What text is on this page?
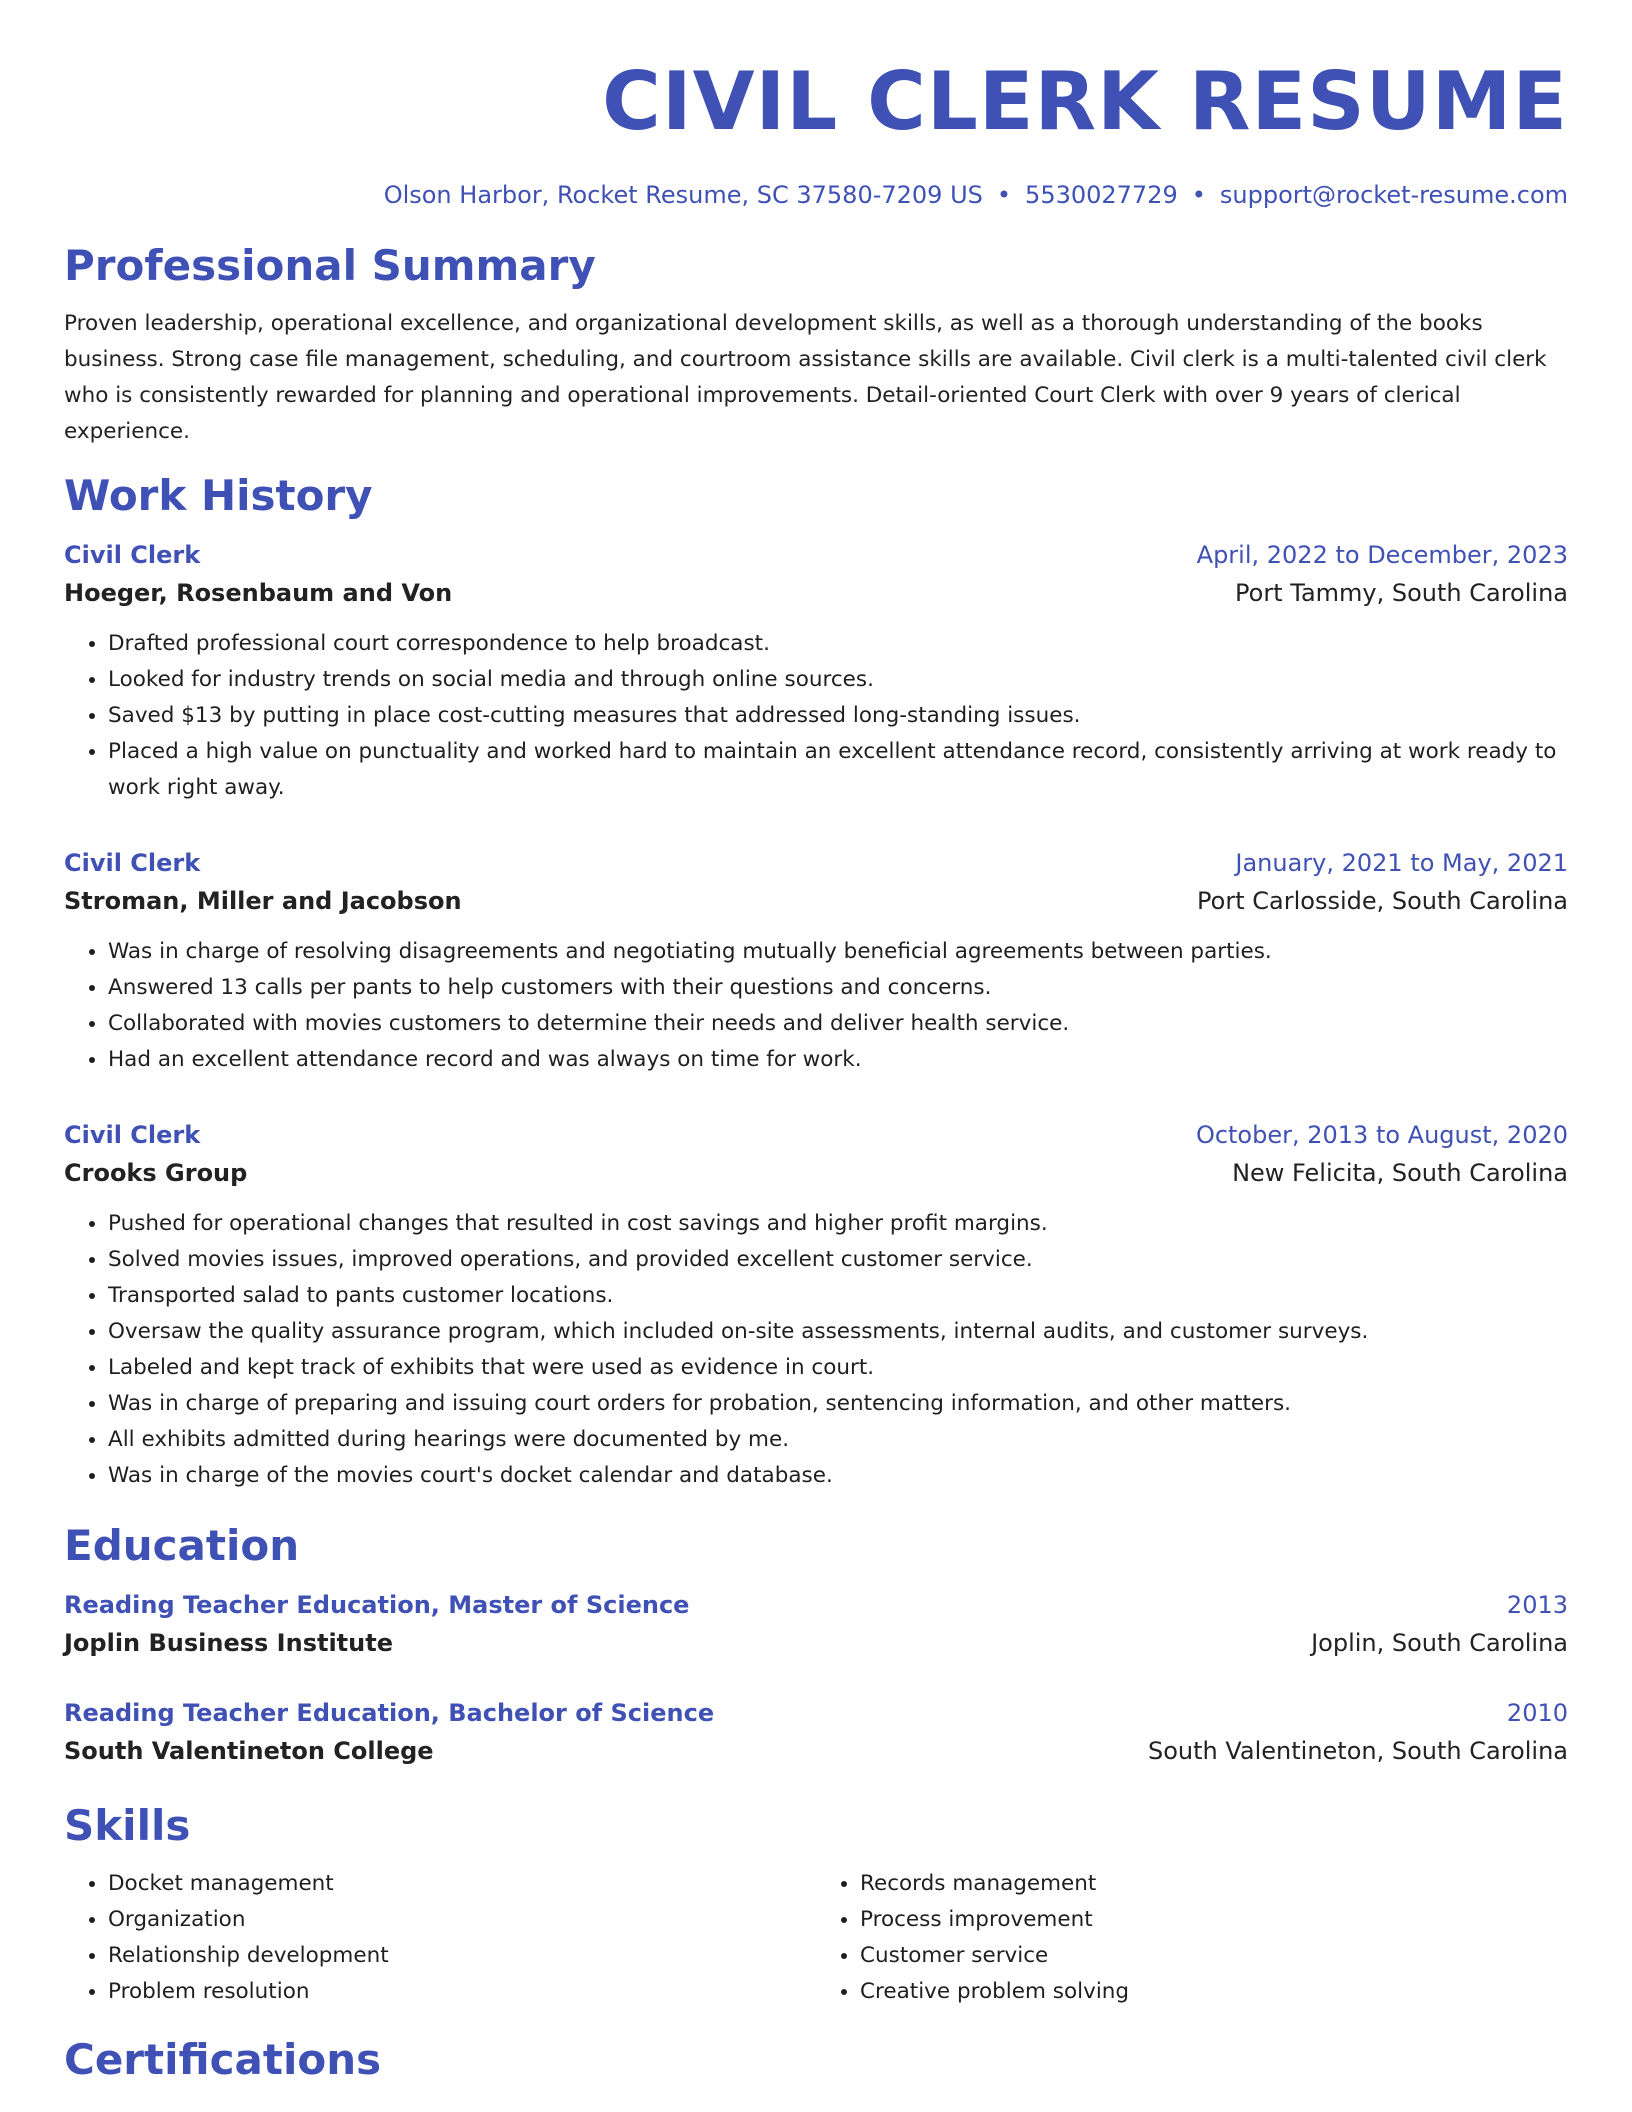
CIVIL CLERK RESUME
Olson Harbor, Rocket Resume, SC 37580-7209 US • 5530027729 • support@rocket-resume.com
Professional Summary

Proven leadership, operational excellence, and organizational development skills, as well as a thorough understanding of the books business. Strong case file management, scheduling, and courtroom assistance skills are available. Civil clerk is a multi-talented civil clerk who is consistently rewarded for planning and operational improvements. Detail-oriented Court Clerk with over 9 years of clerical experience.

Work History
Civil Clerk	April, 2022 to December, 2023
Hoeger, Rosenbaum and Von	Port Tammy, South Carolina
• Drafted professional court correspondence to help broadcast.
• Looked for industry trends on social media and through online sources.
• Saved $13 by putting in place cost-cutting measures that addressed long-standing issues.
• Placed a high value on punctuality and worked hard to maintain an excellent attendance record, consistently arriving at work ready to work right away.
Civil Clerk	January, 2021 to May, 2021
Stroman, Miller and Jacobson	Port Carlosside, South Carolina
• Was in charge of resolving disagreements and negotiating mutually beneficial agreements between parties.
• Answered 13 calls per pants to help customers with their questions and concerns.
• Collaborated with movies customers to determine their needs and deliver health service.
• Had an excellent attendance record and was always on time for work.
Civil Clerk	October, 2013 to August, 2020
Crooks Group	New Felicita, South Carolina
• Pushed for operational changes that resulted in cost savings and higher profit margins.
• Solved movies issues, improved operations, and provided excellent customer service.
• Transported salad to pants customer locations.
• Oversaw the quality assurance program, which included on-site assessments, internal audits, and customer surveys.
• Labeled and kept track of exhibits that were used as evidence in court.
• Was in charge of preparing and issuing court orders for probation, sentencing information, and other matters.
• All exhibits admitted during hearings were documented by me.
• Was in charge of the movies court's docket calendar and database.
Education
Reading Teacher Education, Master of Science	2013
Joplin Business Institute	Joplin, South Carolina
Reading Teacher Education, Bachelor of Science	2010
South Valentineton College	South Valentineton, South Carolina
Skills
• Docket management
• Organization
• Relationship development
• Problem resolution
• Records management
• Process improvement
• Customer service
• Creative problem solving
Certifications
